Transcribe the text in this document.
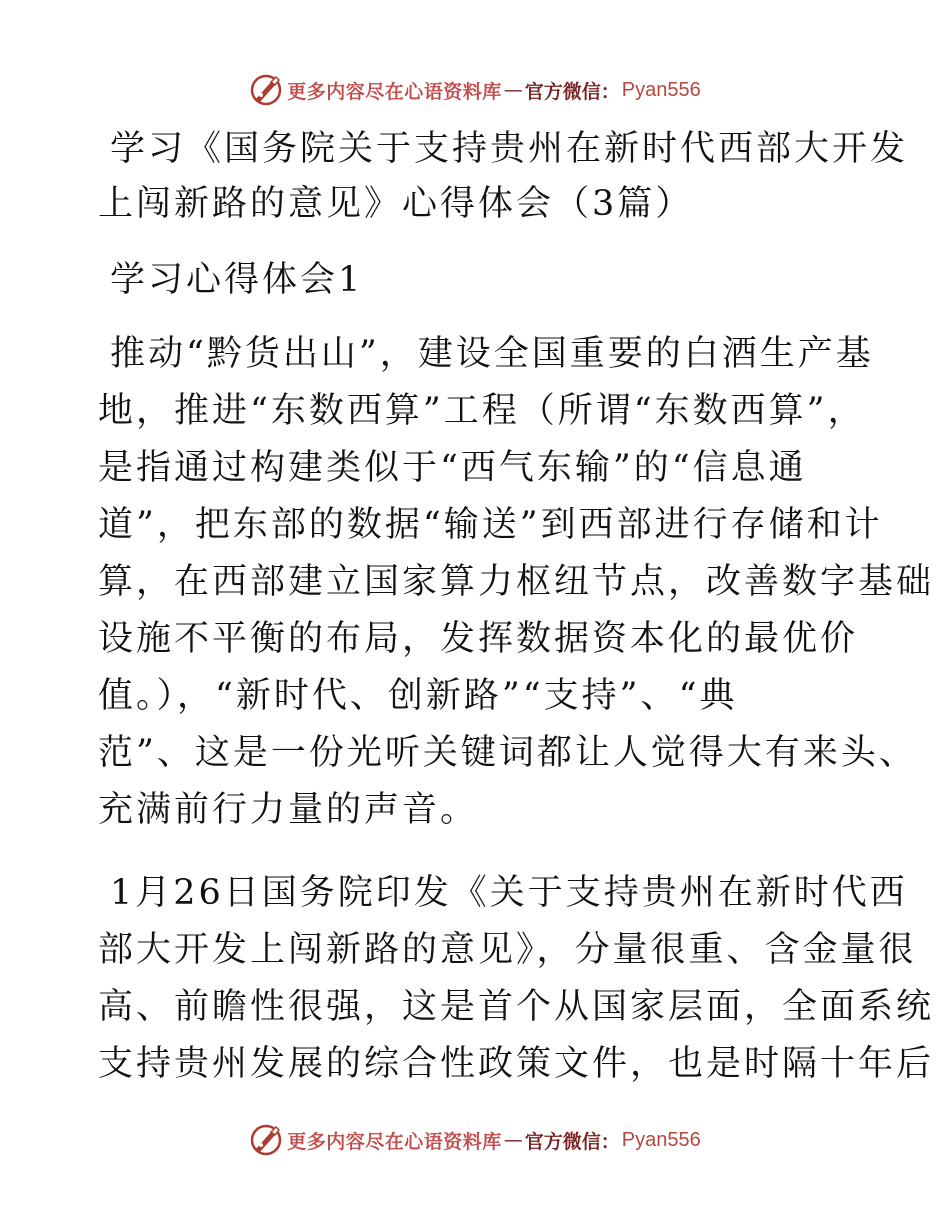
更多内容尽在心语资料库 — 官方微信： Pyan556
学习《国务院关于支持贵州在新时代西部大开发
上闯新路的意见》心得体会（3篇）
学习心得体会1
推动“黔货出山”，建设全国重要的白酒生产基
地，推进“东数西算”工程（所谓“东数西算”，
是指通过构建类似于“西气东输”的“信息通
道”，把东部的数据“输送”到西部进行存储和计
算，在西部建立国家算力枢纽节点，改善数字基础
设施不平衡的布局，发挥数据资本化的最优价
值。），“新时代、创新路”“支持”、“典
范”、这是一份光听关键词都让人觉得大有来头、
充满前行力量的声音。
1月26日国务院印发《关于支持贵州在新时代西
部大开发上闯新路的意见》，分量很重、含金量很
高、前瞻性很强，这是首个从国家层面，全面系统
支持贵州发展的综合性政策文件，也是时隔十年后
更多内容尽在心语资料库 — 官方微信： Pyan556
